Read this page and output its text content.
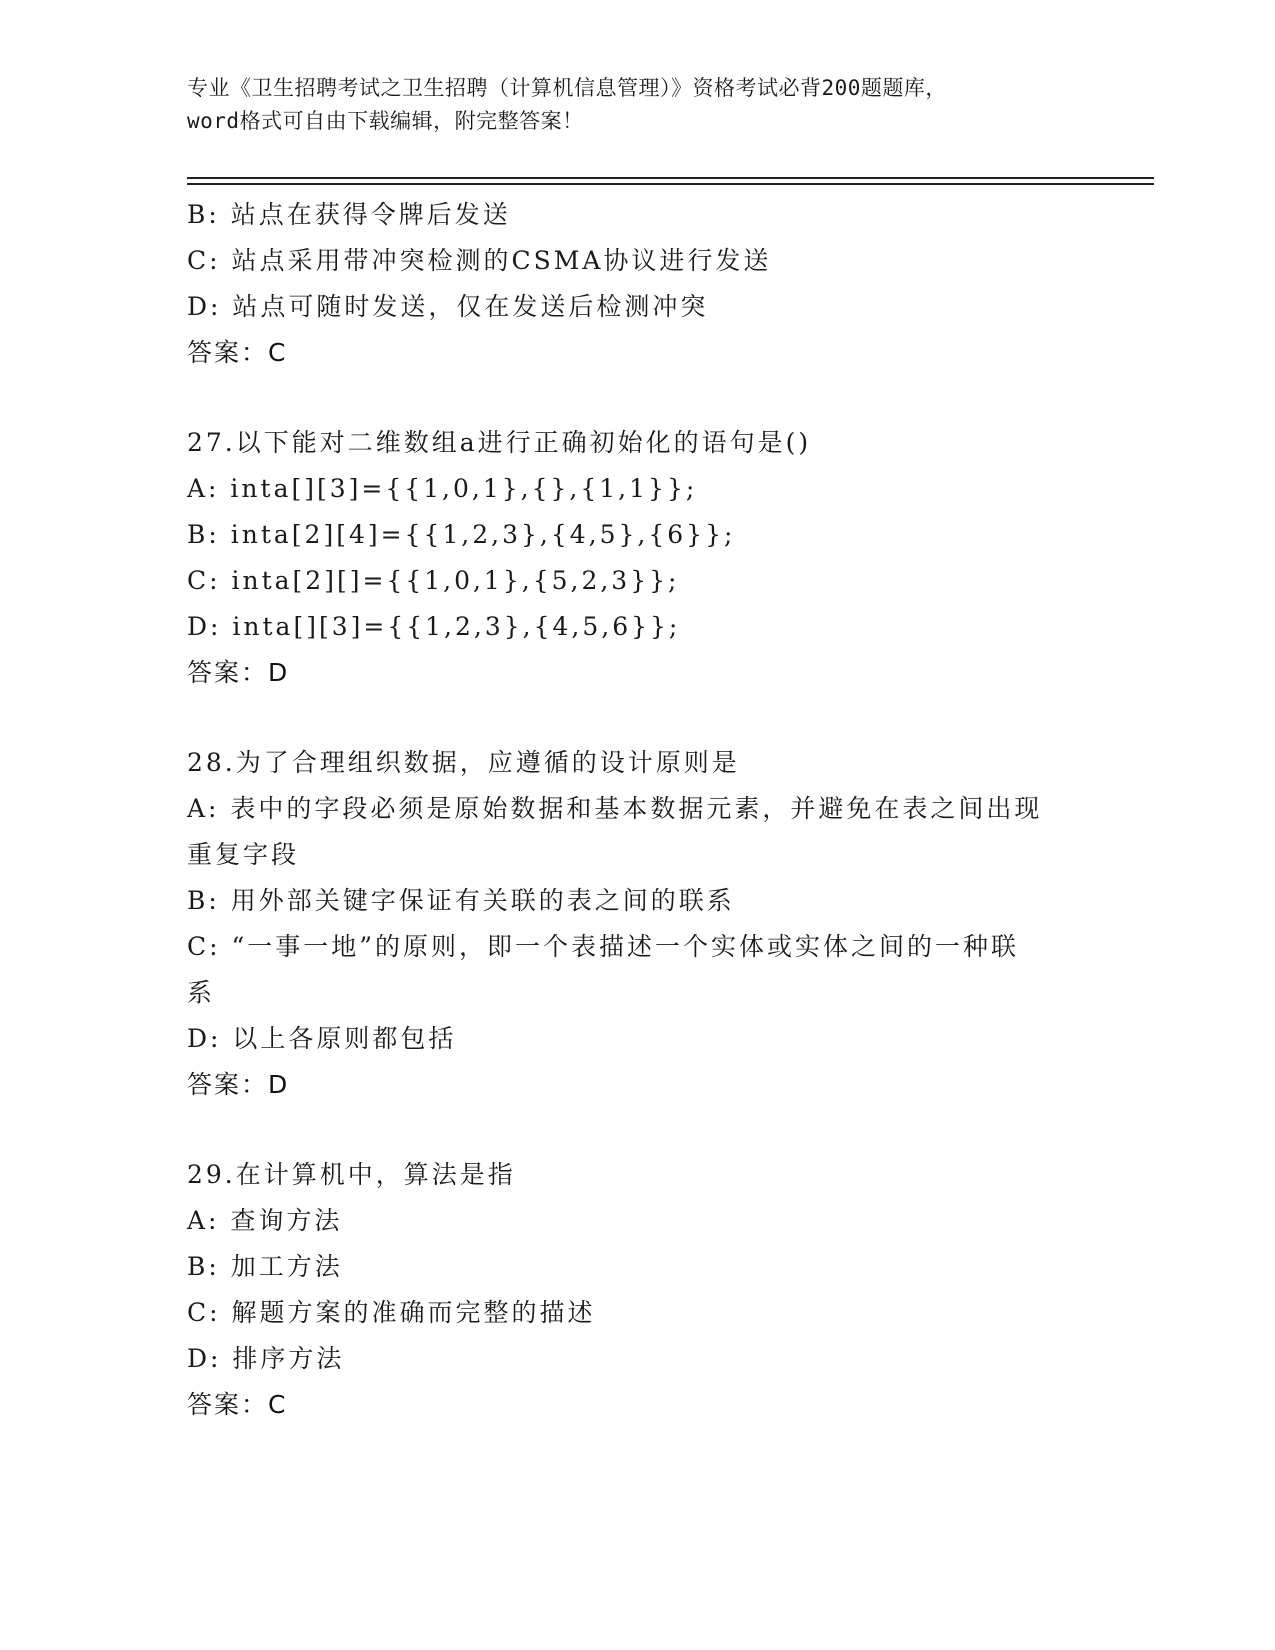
专业《卫生招聘考试之卫生招聘（计算机信息管理）》资格考试必背200题题库，
word格式可自由下载编辑，附完整答案！
B: 站点在获得令牌后发送
C: 站点采用带冲突检测的CSMA协议进行发送
D: 站点可随时发送，仅在发送后检测冲突
答案：C
27.以下能对二维数组a进行正确初始化的语句是()
A: inta[][3]={{1,0,1},{},{1,1}};
B: inta[2][4]={{1,2,3},{4,5},{6}};
C: inta[2][]={{1,0,1},{5,2,3}};
D: inta[][3]={{1,2,3},{4,5,6}};
答案：D
28.为了合理组织数据，应遵循的设计原则是
A: 表中的字段必须是原始数据和基本数据元素，并避免在表之间出现
重复字段
B: 用外部关键字保证有关联的表之间的联系
C: “一事一地”的原则，即一个表描述一个实体或实体之间的一种联
系
D: 以上各原则都包括
答案：D
29.在计算机中，算法是指
A: 查询方法
B: 加工方法
C: 解题方案的准确而完整的描述
D: 排序方法
答案：C
